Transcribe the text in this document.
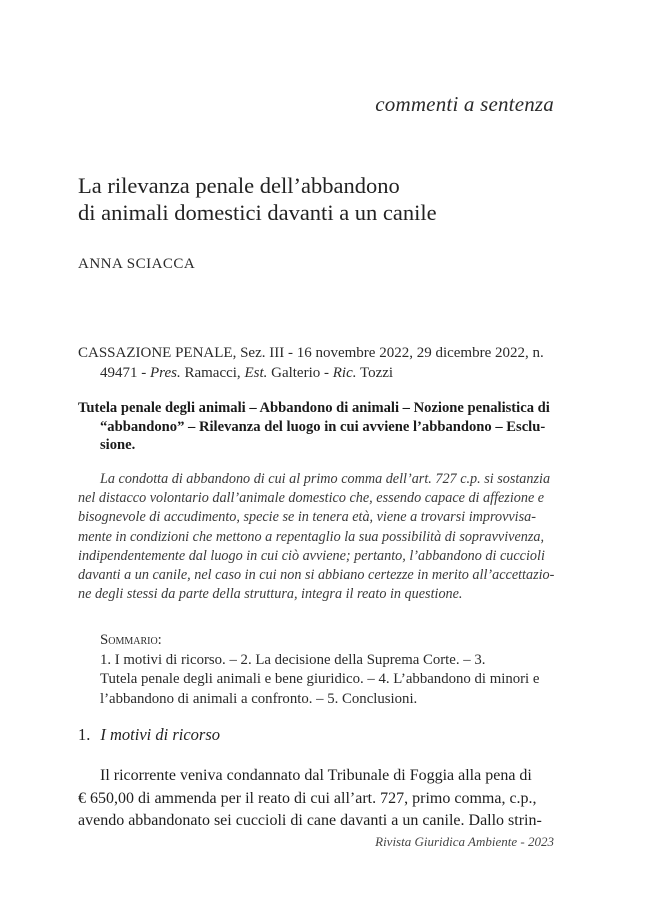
commenti a sentenza
La rilevanza penale dell’abbandono
di animali domestici davanti a un canile
ANNA SCIACCA
CASSAZIONE PENALE, Sez. III - 16 novembre 2022, 29 dicembre 2022, n.
49471 - Pres. Ramacci, Est. Galterio - Ric. Tozzi
Tutela penale degli animali – Abbandono di animali – Nozione penalistica di
“abbandono” – Rilevanza del luogo in cui avviene l’abbandono – Esclu-
sione.
La condotta di abbandono di cui al primo comma dell’art. 727 c.p. si sostanzia
nel distacco volontario dall’animale domestico che, essendo capace di affezione e
bisognevole di accudimento, specie se in tenera età, viene a trovarsi improvvisa-
mente in condizioni che mettono a repentaglio la sua possibilità di sopravvivenza,
indipendentemente dal luogo in cui ciò avviene; pertanto, l’abbandono di cuccioli
davanti a un canile, nel caso in cui non si abbiano certezze in merito all’accettazio-
ne degli stessi da parte della struttura, integra il reato in questione.
Sommario:
1. I motivi di ricorso. – 2. La decisione della Suprema Corte. – 3.
Tutela penale degli animali e bene giuridico. – 4. L’abbandono di minori e
l’abbandono di animali a confronto. – 5. Conclusioni.
1. I motivi di ricorso
Il ricorrente veniva condannato dal Tribunale di Foggia alla pena di
€ 650,00 di ammenda per il reato di cui all’art. 727, primo comma, c.p.,
avendo abbandonato sei cuccioli di cane davanti a un canile. Dallo strin-
Rivista Giuridica Ambiente - 2023
